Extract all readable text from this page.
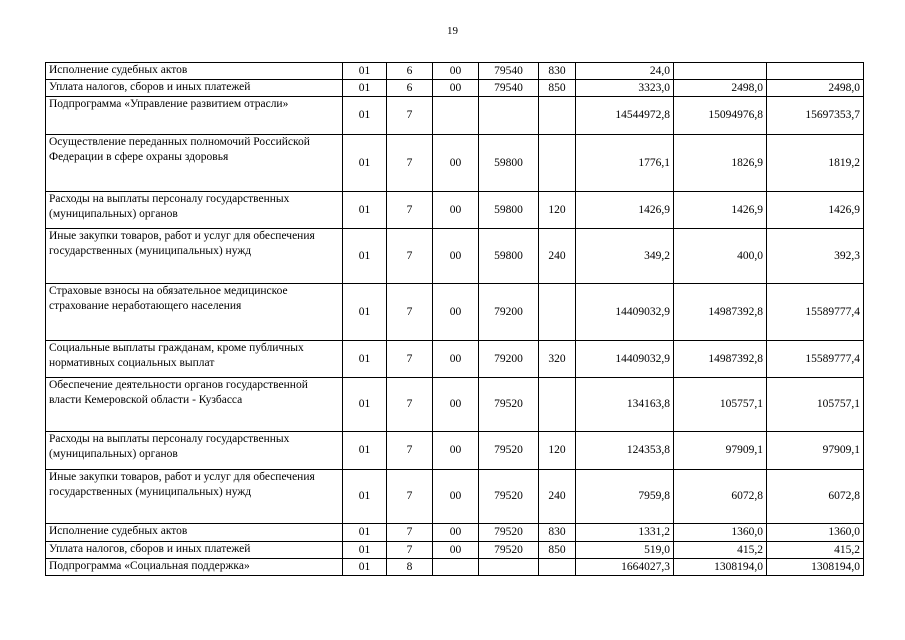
19
Исполнение судебных актов	01	6	00	79540	830	24,0		
Уплата налогов, сборов и иных платежей	01	6	00	79540	850	3323,0	2498,0	2498,0
Подпрограмма «Управление развитием отрасли»	01	7				14544972,8	15094976,8	15697353,7
Осуществление переданных полномочий Российской Федерации в сфере охраны здоровья	01	7	00	59800		1776,1	1826,9	1819,2
Расходы на выплаты персоналу государственных (муниципальных) органов	01	7	00	59800	120	1426,9	1426,9	1426,9
Иные закупки товаров, работ и услуг для обеспечения государственных (муниципальных) нужд	01	7	00	59800	240	349,2	400,0	392,3
Страховые взносы на обязательное медицинское страхование неработающего населения	01	7	00	79200		14409032,9	14987392,8	15589777,4
Социальные выплаты гражданам, кроме публичных нормативных социальных выплат	01	7	00	79200	320	14409032,9	14987392,8	15589777,4
Обеспечение деятельности органов государственной власти Кемеровской области - Кузбасса	01	7	00	79520		134163,8	105757,1	105757,1
Расходы на выплаты персоналу государственных (муниципальных) органов	01	7	00	79520	120	124353,8	97909,1	97909,1
Иные закупки товаров, работ и услуг для обеспечения государственных (муниципальных) нужд	01	7	00	79520	240	7959,8	6072,8	6072,8
Исполнение судебных актов	01	7	00	79520	830	1331,2	1360,0	1360,0
Уплата налогов, сборов и иных платежей	01	7	00	79520	850	519,0	415,2	415,2
Подпрограмма «Социальная поддержка»	01	8				1664027,3	1308194,0	1308194,0
